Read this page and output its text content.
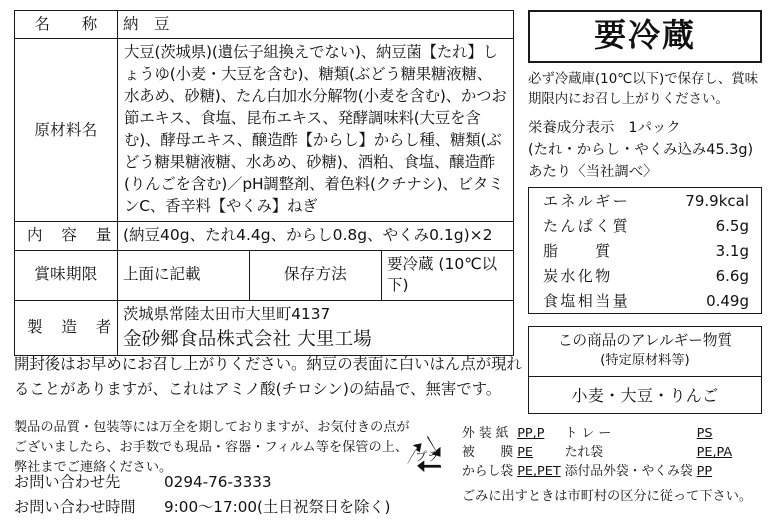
名　　称	納　豆		
原材料名	大豆(茨城県)(遺伝子組換えでない)、納豆菌【たれ】しょうゆ(小麦・大豆を含む)、糖類(ぶどう糖果糖液糖、水あめ、砂糖)、たん白加水分解物(小麦を含む)、かつお節エキス、食塩、昆布エキス、発酵調味料(大豆を含む)、酵母エキス、醸造酢【からし】からし種、糖類(ぶどう糖果糖液糖、水あめ、砂糖)、酒粕、食塩、醸造酢(りんごを含む)／pH調整剤、着色料(クチナシ)、ビタミンC、香辛料【やくみ】ねぎ		
内 容 量	(納豆40g、たれ4.4g、からし0.8g、やくみ0.1g)×2		
賞味期限	上面に記載	保存方法	要冷蔵 (10℃以下)
製 造 者	茨城県常陸太田市大里町4137
金砂郷食品株式会社 大里工場		
開封後はお早めにお召し上がりください。納豆の表面に白いはん点が現れることがありますが、これはアミノ酸(チロシン)の結晶で、無害です。
製品の品質・包装等には万全を期しておりますが、お気付きの点がございましたら、お手数でも現品・容器・フィルム等を保管の上、弊社までご連絡ください。
お問い合わせ先	0294-76-3333
お問い合わせ時間 9:00～17:00(土日祝祭日を除く)
プラ
外 装 紙	PP,P	ト レ ー	PS
被　　膜	PE	たれ袋	PE,PA
からし袋	PE,PET	添付品外袋・やくみ袋	PP
ごみに出すときは市町村の区分に従って下さい。
要冷蔵
必ず冷蔵庫(10℃以下)で保存し、賞味期限内にお召し上がりください。
栄養成分表示 1パック
(たれ・からし・やくみ込み45.3g)
あたり〈当社調べ〉
エネルギー	79.9kcal
たんぱく質	6.5g
脂　　質	3.1g
炭水化物	6.6g
食塩相当量	0.49g
この商品のアレルギー物質
(特定原材料等)
小麦・大豆・りんご
